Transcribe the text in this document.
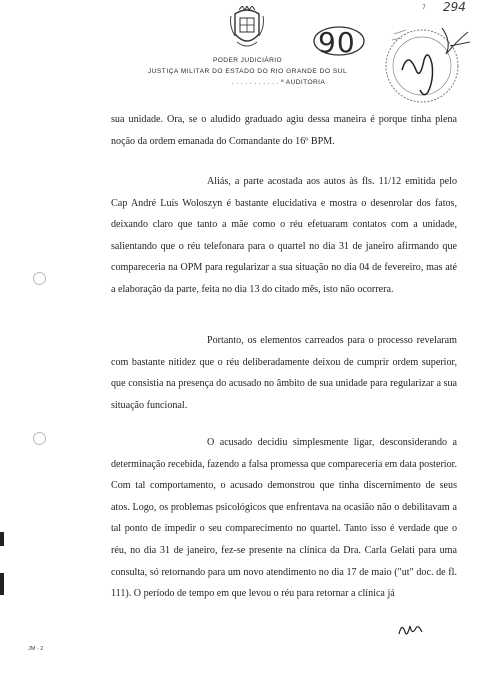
PODER JUDICIÁRIO
JUSTIÇA MILITAR DO ESTADO DO RIO GRANDE DO SUL
. . . . . . . . . . . ª AUDITORIA
90
294
7
sua unidade. Ora, se o aludido graduado agiu dessa maneira é porque tinha plena noção da ordem emanada do Comandante do 16º BPM.
Aliás, a parte acostada aos autos às fls. 11/12 emitida pelo Cap André Luís Woloszyn é bastante elucidativa e mostra o desenrolar dos fatos, deixando claro que tanto a mãe como o réu efetuaram contatos com a unidade, salientando que o réu telefonara para o quartel no dia 31 de janeiro afirmando que compareceria na OPM para regularizar a sua situação no dia 04 de fevereiro, mas até a elaboração da parte, feita no dia 13 do citado mês, isto não ocorrera.
Portanto, os elementos carreados para o processo revelaram com bastante nitidez que o réu deliberadamente deixou de cumprir ordem superior, que consistia na presença do acusado no âmbito de sua unidade para regularizar a sua situação funcional.
O acusado decidiu simplesmente ligar, desconsiderando a determinação recebida, fazendo a falsa promessa que compareceria em data posterior. Com tal comportamento, o acusado demonstrou que tinha discernimento de seus atos. Logo, os problemas psicológicos que enfrentava na ocasião não o debilitavam a tal ponto de impedir o seu comparecimento no quartel. Tanto isso é verdade que o réu, no dia 31 de janeiro, fez-se presente na clínica da Dra. Carla Gelati para uma consulta, só retornando para um novo atendimento no dia 17 de maio ("ut" doc. de fl. 111). O período de tempo em que levou o réu para retornar a clínica já
JM - 2
